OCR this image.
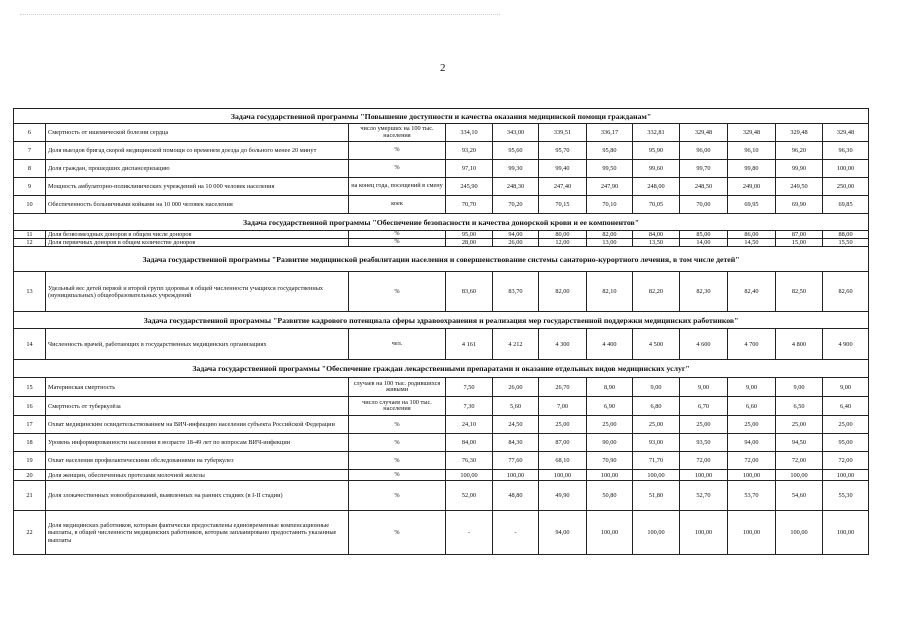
2
Задача государственной программы "Повышение доступности и качества оказания медицинской помощи гражданам"											
6	Смертность от ишемической болезни сердца	число умерших на 100 тыс. населения	334,10	343,00	339,51	336,17	332,81	329,48	329,48	329,48	329,48
7	Доля выездов бригад скорой медицинской помощи со временем доезда до больного менее 20 минут	%	93,20	95,60	95,70	95,80	95,90	96,00	96,10	96,20	96,30
8	Доля граждан, прошедших диспансеризацию	%	97,10	99,30	99,40	99,50	99,60	99,70	99,80	99,90	100,00
9	Мощность амбулаторно-поликлинических учреждений на 10 000 человек населения	на конец года, посещений в смену	245,90	248,30	247,40	247,90	248,00	248,50	249,00	249,50	250,00
10	Обеспеченность больничными койками на 10 000 человек населения	коек	70,70	70,20	70,15	70,10	70,05	70,00	69,95	69,90	69,85
Задача государственной программы "Обеспечение безопасности и качества донорской крови и ее компонентов"											
11	Доля безвозмездных доноров в общем числе доноров	%	95,00	94,00	80,00	82,00	84,00	85,00	86,00	87,00	88,00
12	Доля первичных доноров в общем количестве доноров	%	28,00	26,00	12,00	13,00	13,50	14,00	14,50	15,00	15,50
Задача государственной программы "Развитие медицинской реабилитации населения и совершенствование системы санаторно-курортного лечения, в том числе детей"											
13	Удельный вес детей первой и второй групп здоровья в общей численности учащихся государственных (муниципальных) общеобразовательных учреждений	%	83,60	83,70	82,00	82,10	82,20	82,30	82,40	82,50	82,60
Задача государственной программы "Развитие кадрового потенциала сферы здравоохранения и реализация мер государственной поддержки медицинских работников"											
14	Численность врачей, работающих в государственных медицинских организациях	чел.	4 161	4 212	4 300	4 400	4 500	4 600	4 700	4 800	4 900
Задача государственной программы "Обеспечение граждан лекарственными препаратами и оказание отдельных видов медицинских услуг"											
15	Материнская смертность	случаев на 100 тыс. родившихся живыми	7,50	26,00	26,70	8,90	9,00	9,00	9,00	9,00	9,00
16	Смертность от туберкулёза	число случаев на 100 тыс. населения	7,30	5,60	7,00	6,90	6,80	6,70	6,60	6,50	6,40
17	Охват медицинским освидетельствованием на ВИЧ-инфекцию населения субъекта Российской Федерации	%	24,10	24,50	25,00	25,00	25,00	25,00	25,00	25,00	25,00
18	Уровень информированности населения в возрасте 18-49 лет по вопросам ВИЧ-инфекции	%	84,00	84,30	87,00	90,00	93,00	93,50	94,00	94,50	95,00
19	Охват населения профилактическими обследованиями на туберкулез	%	76,30	77,60	68,10	70,90	71,70	72,00	72,00	72,00	72,00
20	Доля женщин, обеспеченных протезами молочной железы	%	100,00	100,00	100,00	100,00	100,00	100,00	100,00	100,00	100,00
21	Доля злокачественных новообразований, выявленных на ранних стадиях (в I-II стадии)	%	52,00	48,80	49,90	50,80	51,80	52,70	53,70	54,60	55,30
22	Доля медицинских работников, которым фактически предоставлены единовременные компенсационные выплаты, в общей численности медицинских работников, которым запланировано предоставить указанные выплаты	%	-	-	94,00	100,00	100,00	100,00	100,00	100,00	100,00
